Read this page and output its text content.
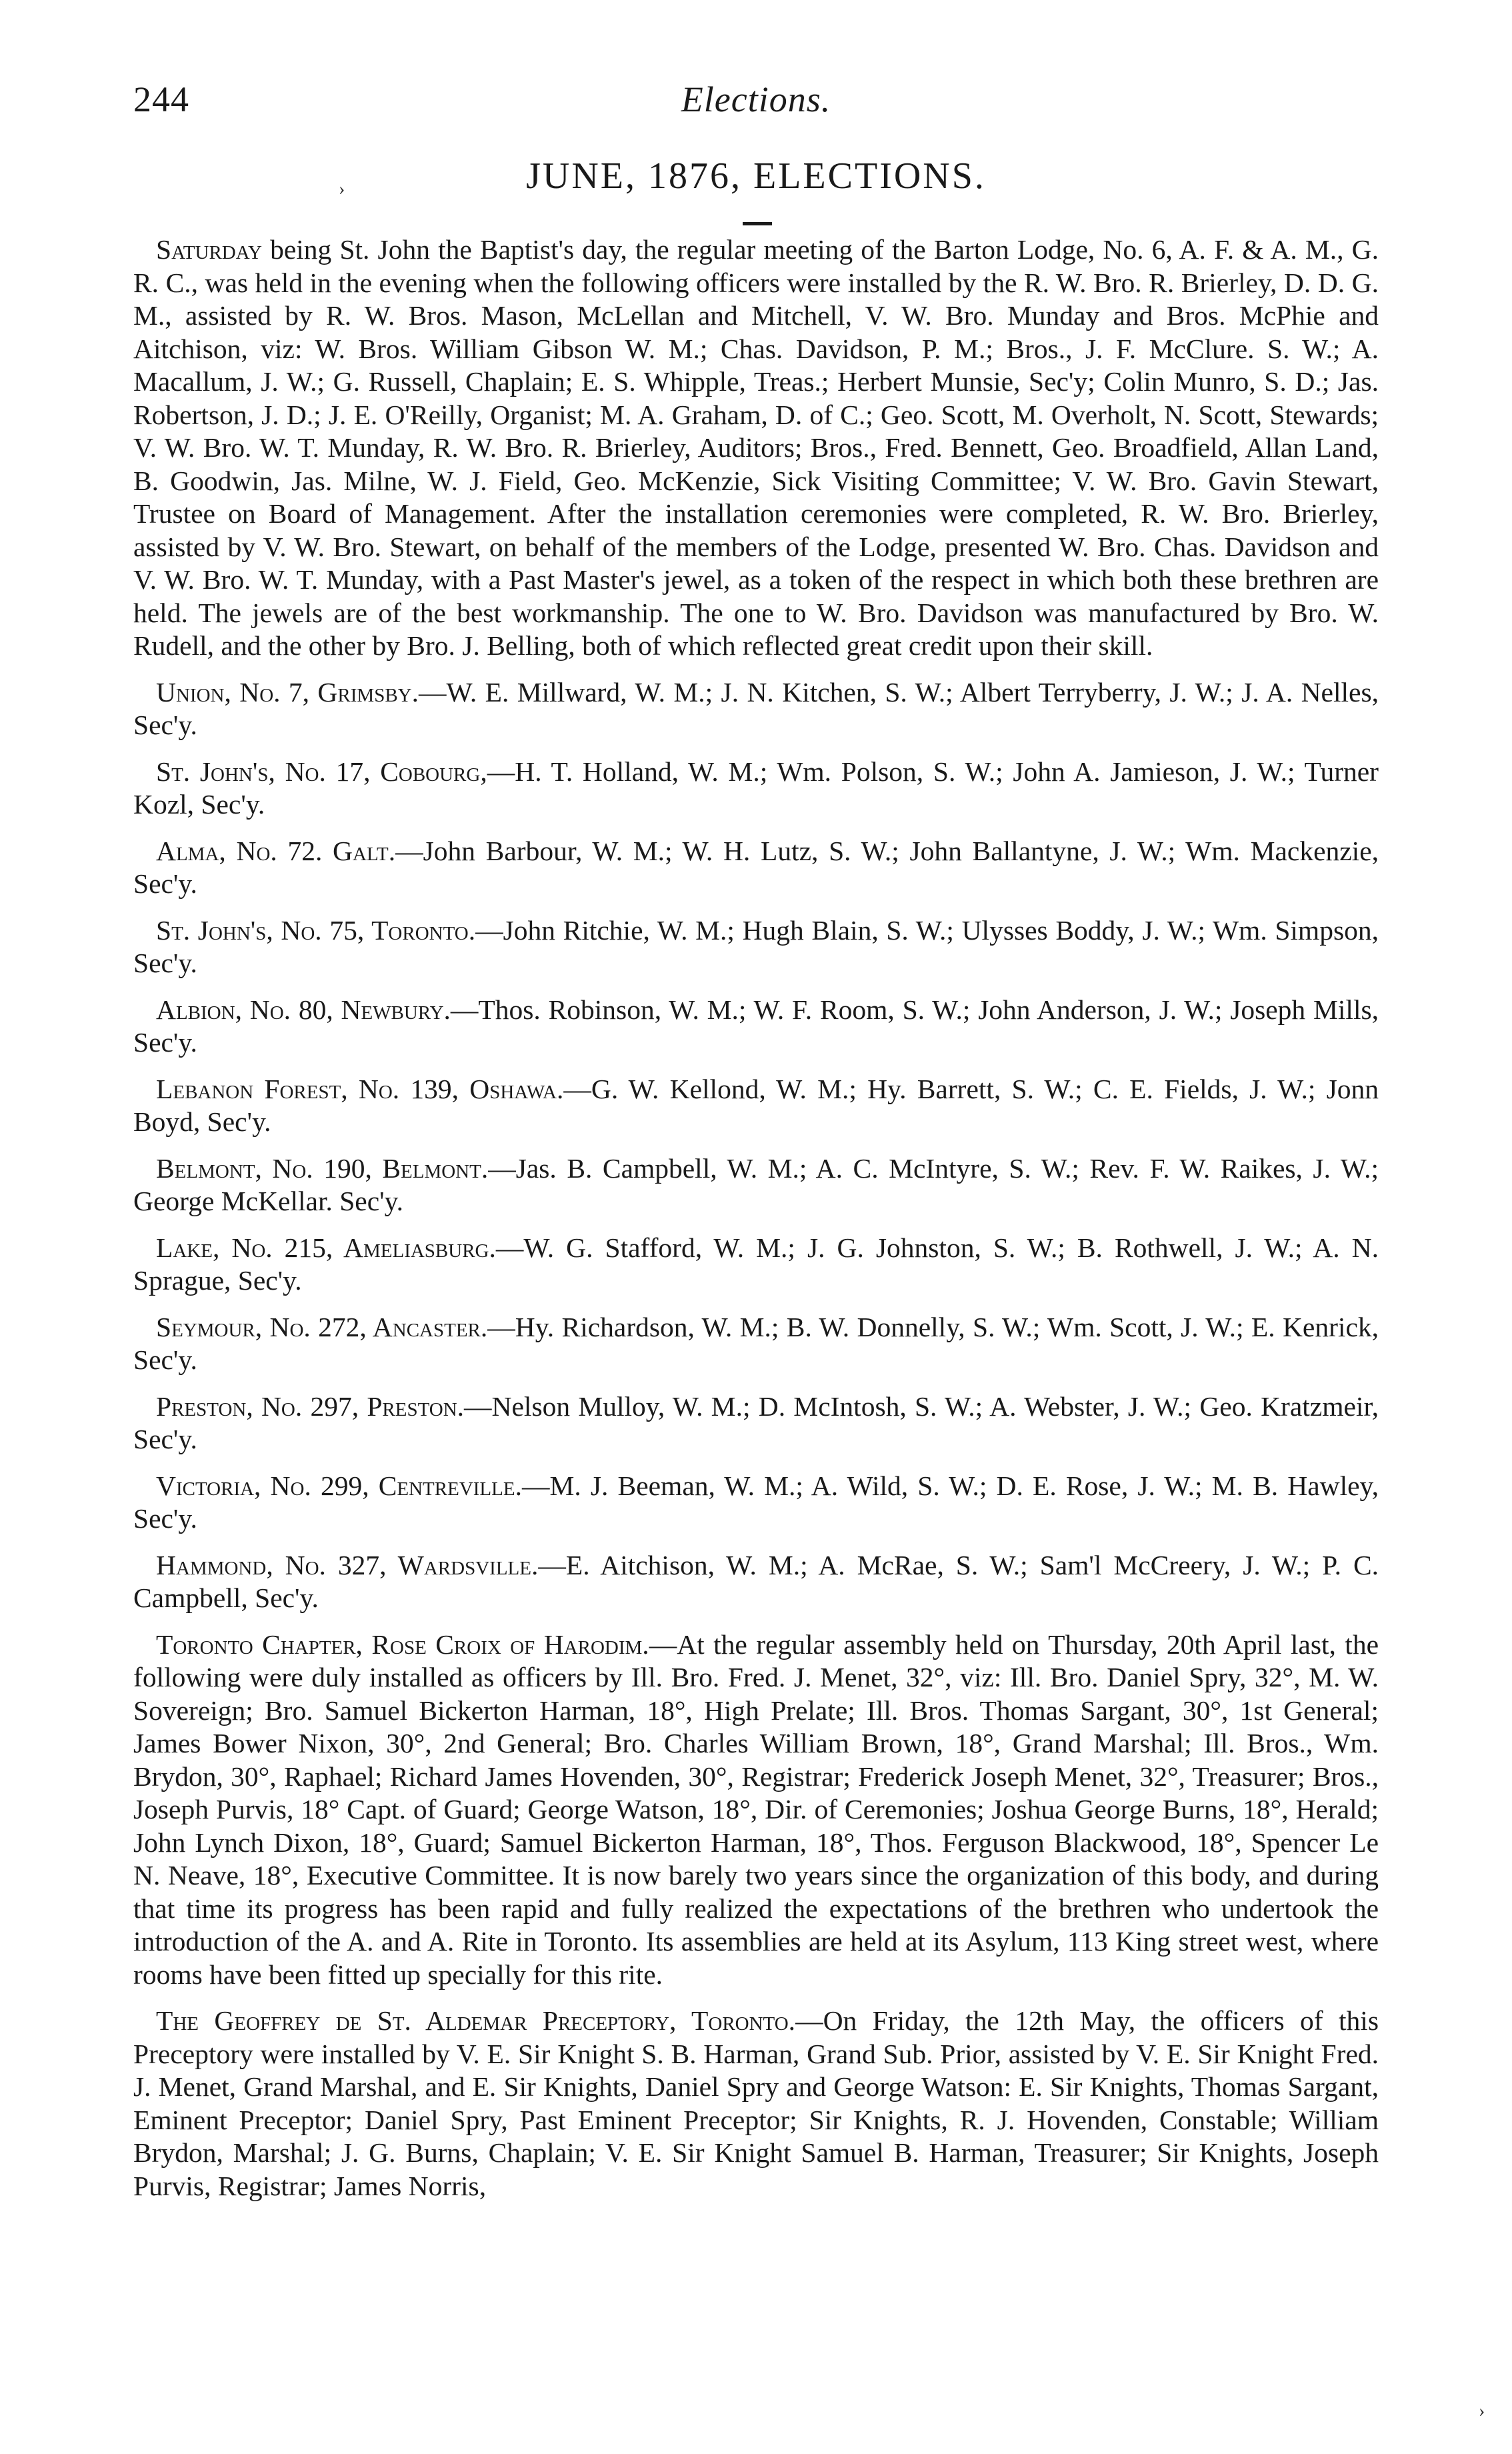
244	Elections.
JUNE, 1876, ELECTIONS.

Saturday being St. John the Baptist's day, the regular meeting of the Barton Lodge, No. 6, A. F. & A. M., G. R. C., was held in the evening when the following officers were installed by the R. W. Bro. R. Brierley, D. D. G. M., assisted by R. W. Bros. Mason, McLellan and Mitchell, V. W. Bro. Munday and Bros. McPhie and Aitchison, viz: W. Bros. William Gibson W. M.; Chas. Davidson, P. M.; Bros., J. F. McClure. S. W.; A. Macallum, J. W.; G. Russell, Chaplain; E. S. Whipple, Treas.; Herbert Munsie, Sec'y; Colin Munro, S. D.; Jas. Robertson, J. D.; J. E. O'Reilly, Organist; M. A. Graham, D. of C.; Geo. Scott, M. Overholt, N. Scott, Stewards; V. W. Bro. W. T. Munday, R. W. Bro. R. Brierley, Auditors; Bros., Fred. Bennett, Geo. Broadfield, Allan Land, B. Goodwin, Jas. Milne, W. J. Field, Geo. McKenzie, Sick Visiting Committee; V. W. Bro. Gavin Stewart, Trustee on Board of Management. After the installation ceremonies were completed, R. W. Bro. Brierley, assisted by V. W. Bro. Stewart, on behalf of the members of the Lodge, presented W. Bro. Chas. Davidson and V. W. Bro. W. T. Munday, with a Past Master's jewel, as a token of the respect in which both these brethren are held. The jewels are of the best workmanship. The one to W. Bro. Davidson was manufactured by Bro. W. Rudell, and the other by Bro. J. Belling, both of which reflected great credit upon their skill.

Union, No. 7, Grimsby.—W. E. Millward, W. M.; J. N. Kitchen, S. W.; Albert Terryberry, J. W.; J. A. Nelles, Sec'y.

St. John's, No. 17, Cobourg,—H. T. Holland, W. M.; Wm. Polson, S. W.; John A. Jamieson, J. W.; Turner Kozl, Sec'y.

Alma, No. 72. Galt.—John Barbour, W. M.; W. H. Lutz, S. W.; John Ballantyne, J. W.; Wm. Mackenzie, Sec'y.

St. John's, No. 75, Toronto.—John Ritchie, W. M.; Hugh Blain, S. W.; Ulysses Boddy, J. W.; Wm. Simpson, Sec'y.

Albion, No. 80, Newbury.—Thos. Robinson, W. M.; W. F. Room, S. W.; John Anderson, J. W.; Joseph Mills, Sec'y.

Lebanon Forest, No. 139, Oshawa.—G. W. Kellond, W. M.; Hy. Barrett, S. W.; C. E. Fields, J. W.; Jonn Boyd, Sec'y.

Belmont, No. 190, Belmont.—Jas. B. Campbell, W. M.; A. C. McIntyre, S. W.; Rev. F. W. Raikes, J. W.; George McKellar. Sec'y.

Lake, No. 215, Ameliasburg.—W. G. Stafford, W. M.; J. G. Johnston, S. W.; B. Rothwell, J. W.; A. N. Sprague, Sec'y.

Seymour, No. 272, Ancaster.—Hy. Richardson, W. M.; B. W. Donnelly, S. W.; Wm. Scott, J. W.; E. Kenrick, Sec'y.

Preston, No. 297, Preston.—Nelson Mulloy, W. M.; D. McIntosh, S. W.; A. Webster, J. W.; Geo. Kratzmeir, Sec'y.

Victoria, No. 299, Centreville.—M. J. Beeman, W. M.; A. Wild, S. W.; D. E. Rose, J. W.; M. B. Hawley, Sec'y.

Hammond, No. 327, Wardsville.—E. Aitchison, W. M.; A. McRae, S. W.; Sam'l McCreery, J. W.; P. C. Campbell, Sec'y.

Toronto Chapter, Rose Croix of Harodim.—At the regular assembly held on Thursday, 20th April last, the following were duly installed as officers by Ill. Bro. Fred. J. Menet, 32°, viz: Ill. Bro. Daniel Spry, 32°, M. W. Sovereign; Bro. Samuel Bickerton Harman, 18°, High Prelate; Ill. Bros. Thomas Sargant, 30°, 1st General; James Bower Nixon, 30°, 2nd General; Bro. Charles William Brown, 18°, Grand Marshal; Ill. Bros., Wm. Brydon, 30°, Raphael; Richard James Hovenden, 30°, Registrar; Frederick Joseph Menet, 32°, Treasurer; Bros., Joseph Purvis, 18° Capt. of Guard; George Watson, 18°, Dir. of Ceremonies; Joshua George Burns, 18°, Herald; John Lynch Dixon, 18°, Guard; Samuel Bickerton Harman, 18°, Thos. Ferguson Blackwood, 18°, Spencer Le N. Neave, 18°, Executive Committee. It is now barely two years since the organization of this body, and during that time its progress has been rapid and fully realized the expectations of the brethren who undertook the introduction of the A. and A. Rite in Toronto. Its assemblies are held at its Asylum, 113 King street west, where rooms have been fitted up specially for this rite.

The Geoffrey de St. Aldemar Preceptory, Toronto.—On Friday, the 12th May, the officers of this Preceptory were installed by V. E. Sir Knight S. B. Harman, Grand Sub. Prior, assisted by V. E. Sir Knight Fred. J. Menet, Grand Marshal, and E. Sir Knights, Daniel Spry and George Watson: E. Sir Knights, Thomas Sargant, Eminent Preceptor; Daniel Spry, Past Eminent Preceptor; Sir Knights, R. J. Hovenden, Constable; William Brydon, Marshal; J. G. Burns, Chaplain; V. E. Sir Knight Samuel B. Harman, Treasurer; Sir Knights, Joseph Purvis, Registrar; James Norris,

›
›
